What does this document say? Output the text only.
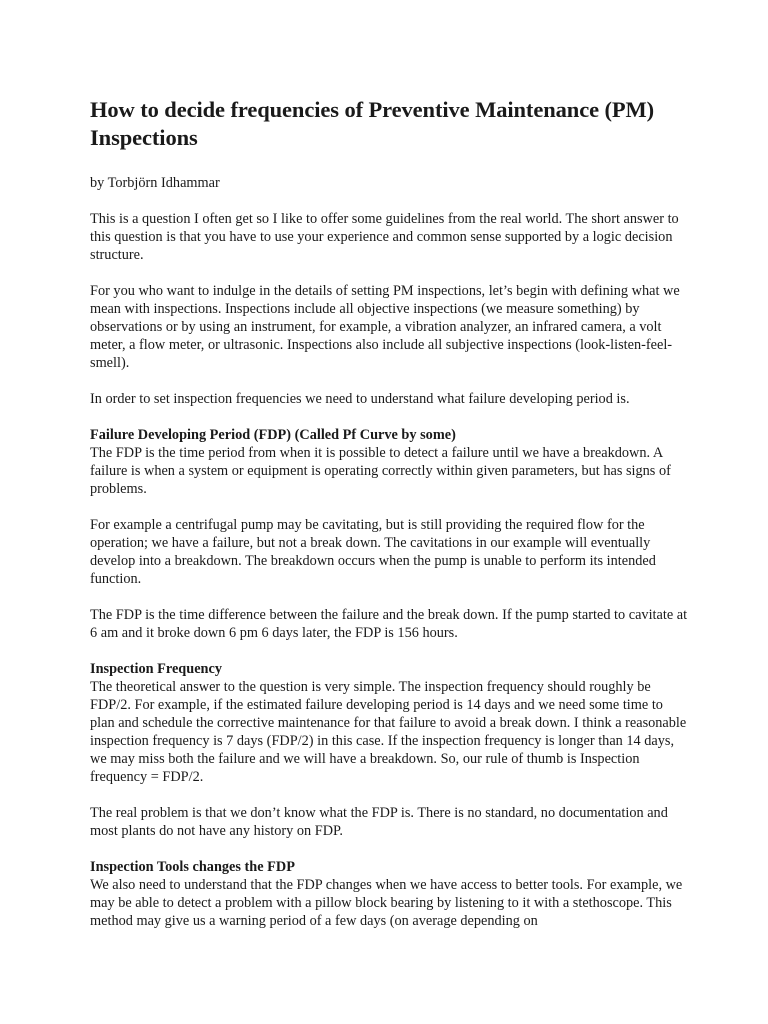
How to decide frequencies of Preventive Maintenance (PM) Inspections

by Torbjörn Idhammar

This is a question I often get so I like to offer some guidelines from the real world. The short answer to this question is that you have to use your experience and common sense supported by a logic decision structure.

For you who want to indulge in the details of setting PM inspections, let’s begin with defining what we mean with inspections. Inspections include all objective inspections (we measure something) by observations or by using an instrument, for example, a vibration analyzer, an infrared camera, a volt meter, a flow meter, or ultrasonic. Inspections also include all subjective inspections (look-listen-feel-smell).

In order to set inspection frequencies we need to understand what failure developing period is.

Failure Developing Period (FDP) (Called Pf Curve by some)

The FDP is the time period from when it is possible to detect a failure until we have a breakdown. A failure is when a system or equipment is operating correctly within given parameters, but has signs of problems.

For example a centrifugal pump may be cavitating, but is still providing the required flow for the operation; we have a failure, but not a break down. The cavitations in our example will eventually develop into a breakdown. The breakdown occurs when the pump is unable to perform its intended function.

The FDP is the time difference between the failure and the break down. If the pump started to cavitate at 6 am and it broke down 6 pm 6 days later, the FDP is 156 hours.

Inspection Frequency

The theoretical answer to the question is very simple. The inspection frequency should roughly be FDP/2. For example, if the estimated failure developing period is 14 days and we need some time to plan and schedule the corrective maintenance for that failure to avoid a break down. I think a reasonable inspection frequency is 7 days (FDP/2) in this case. If the inspection frequency is longer than 14 days, we may miss both the failure and we will have a breakdown. So, our rule of thumb is Inspection frequency = FDP/2.

The real problem is that we don’t know what the FDP is. There is no standard, no documentation and most plants do not have any history on FDP.

Inspection Tools changes the FDP

We also need to understand that the FDP changes when we have access to better tools. For example, we may be able to detect a problem with a pillow block bearing by listening to it with a stethoscope. This method may give us a warning period of a few days (on average depending on
